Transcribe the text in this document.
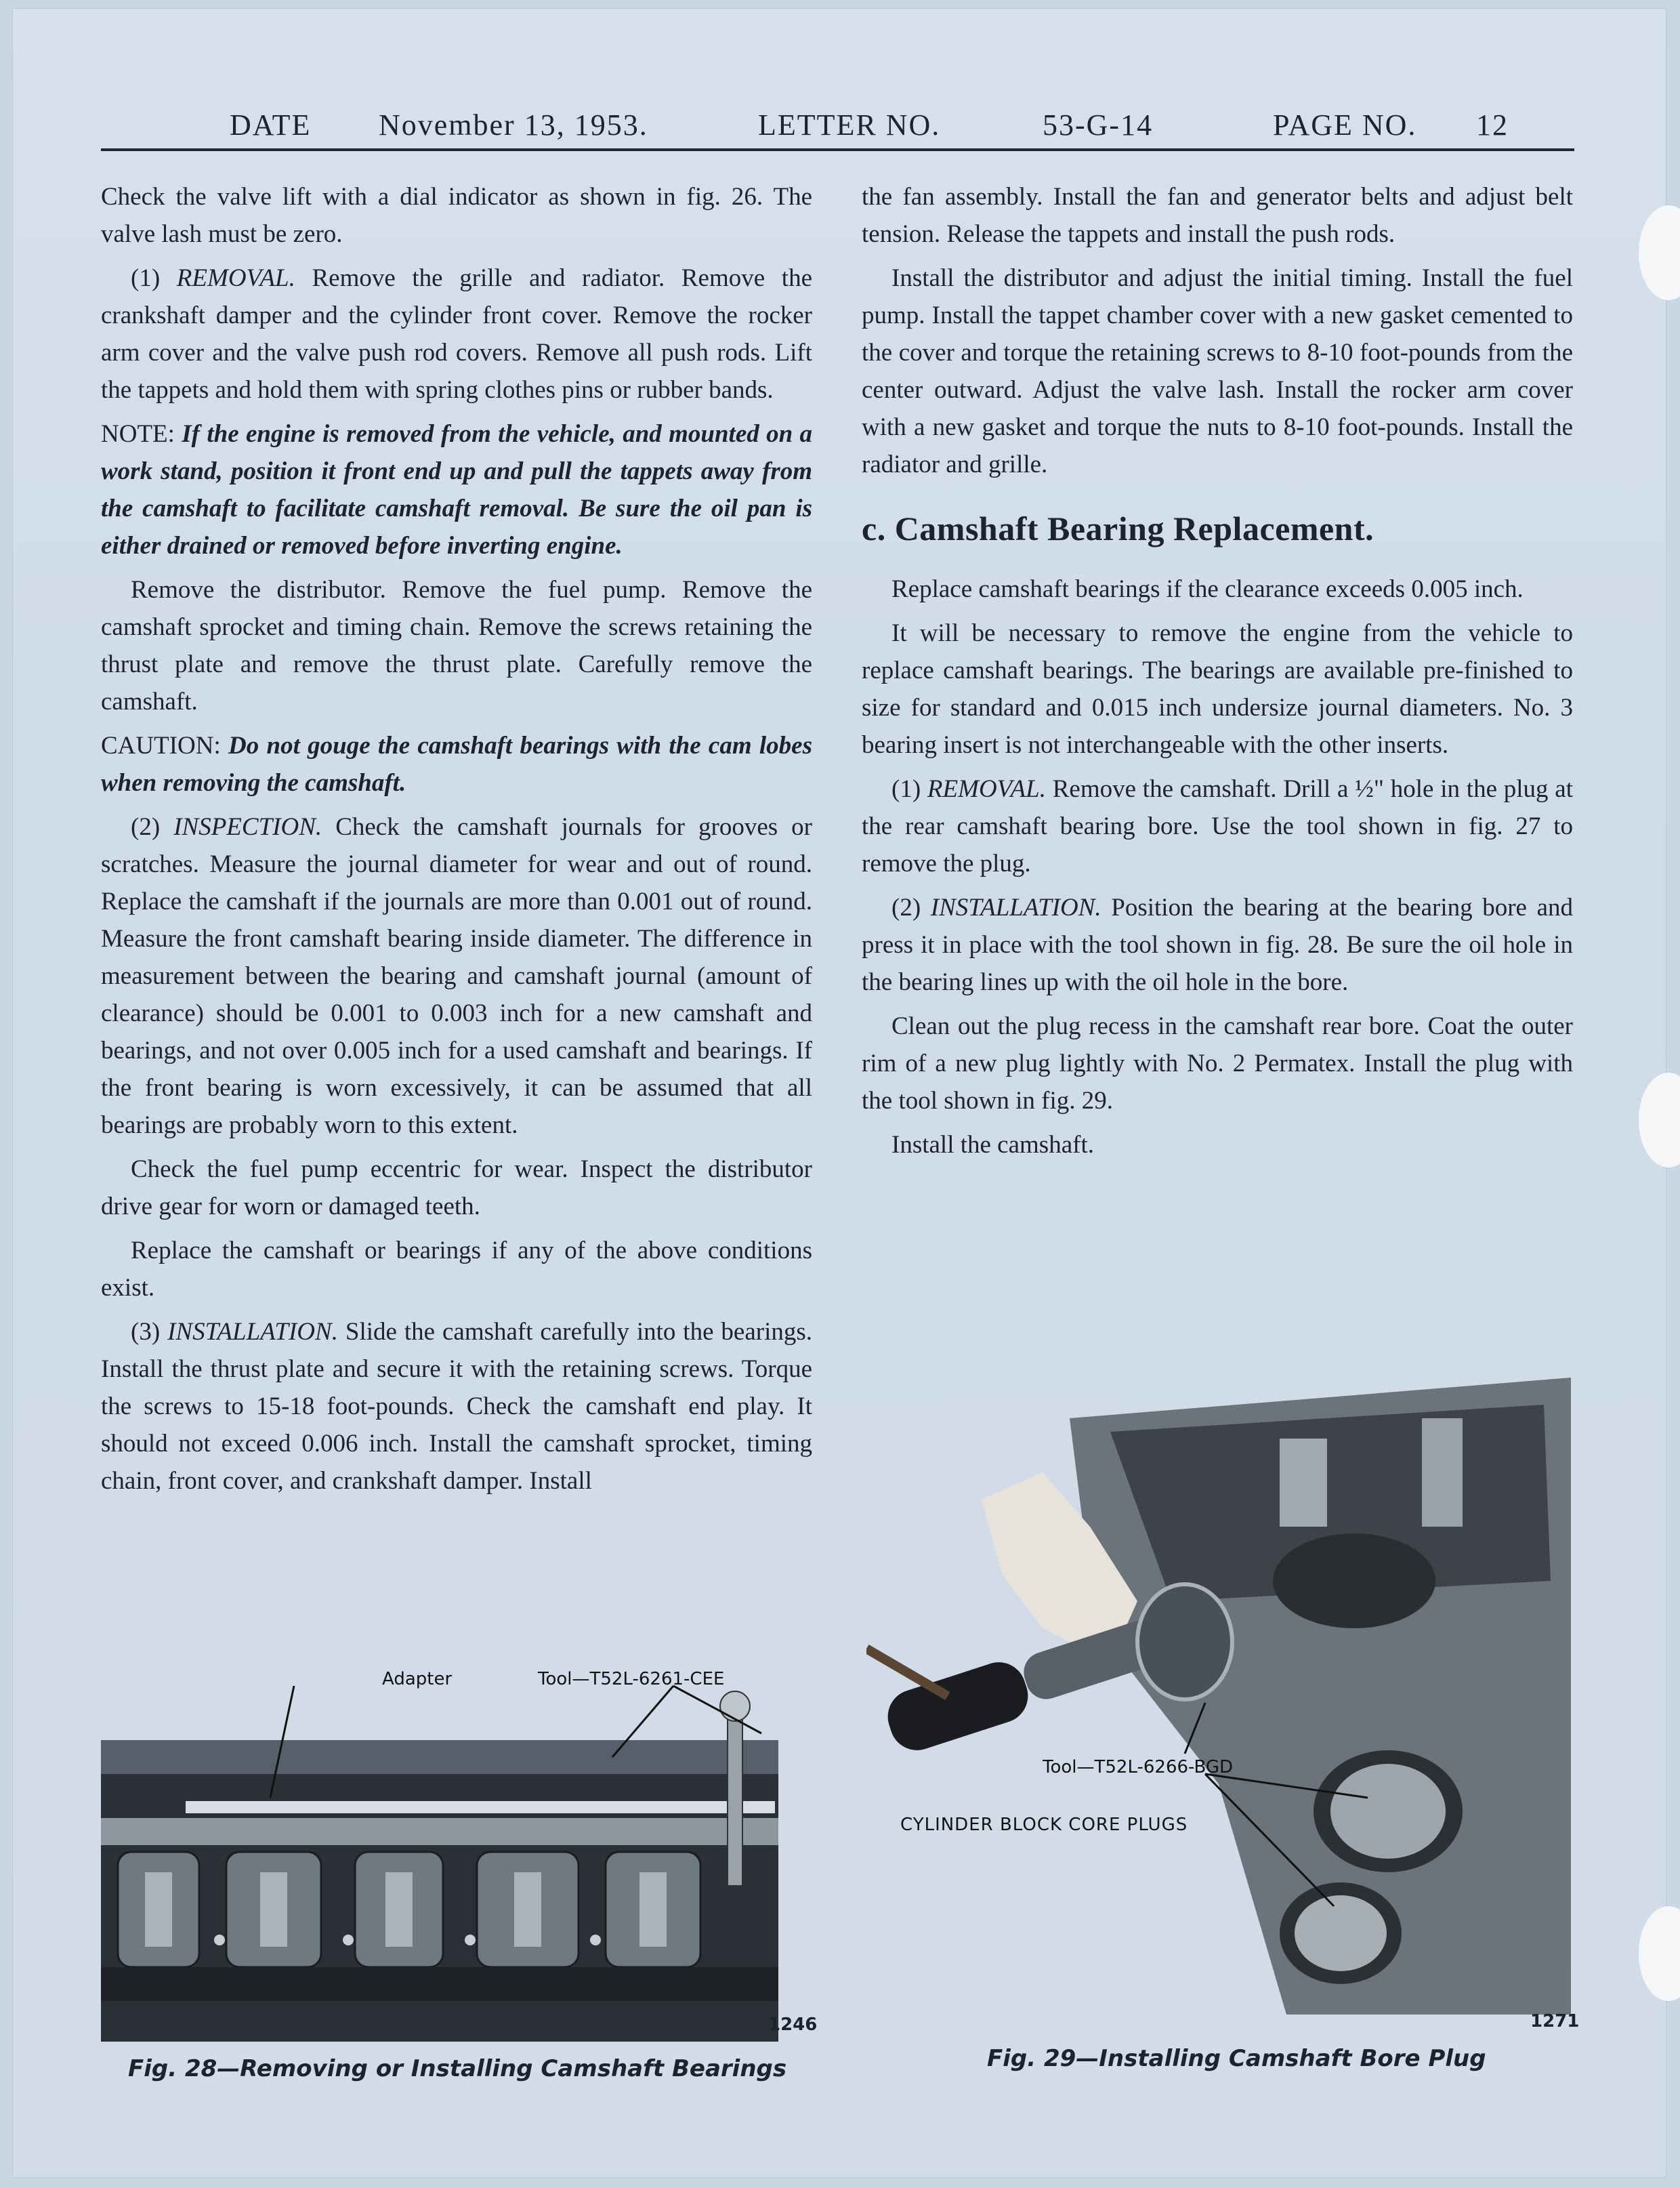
DATE November 13, 1953.	LETTER NO.	53-G-14	PAGE NO. 12

Check the valve lift with a dial indicator as shown in fig. 26. The valve lash must be zero.

(1) REMOVAL. Remove the grille and radiator. Remove the crankshaft damper and the cylinder front cover. Remove the rocker arm cover and the valve push rod covers. Remove all push rods. Lift the tappets and hold them with spring clothes pins or rubber bands.

NOTE: If the engine is removed from the vehicle, and mounted on a work stand, position it front end up and pull the tappets away from the camshaft to facilitate camshaft removal. Be sure the oil pan is either drained or removed before inverting engine.

Remove the distributor. Remove the fuel pump. Remove the camshaft sprocket and timing chain. Remove the screws retaining the thrust plate and remove the thrust plate. Carefully remove the camshaft.

CAUTION: Do not gouge the camshaft bearings with the cam lobes when removing the camshaft.

(2) INSPECTION. Check the camshaft journals for grooves or scratches. Measure the journal diameter for wear and out of round. Replace the camshaft if the journals are more than 0.001 out of round. Measure the front camshaft bearing inside diameter. The difference in measurement between the bearing and camshaft journal (amount of clearance) should be 0.001 to 0.003 inch for a new camshaft and bearings, and not over 0.005 inch for a used camshaft and bearings. If the front bearing is worn excessively, it can be assumed that all bearings are probably worn to this extent.

Check the fuel pump eccentric for wear. Inspect the distributor drive gear for worn or damaged teeth.

Replace the camshaft or bearings if any of the above conditions exist.

(3) INSTALLATION. Slide the camshaft carefully into the bearings. Install the thrust plate and secure it with the retaining screws. Torque the screws to 15-18 foot-pounds. Check the camshaft end play. It should not exceed 0.006 inch. Install the camshaft sprocket, timing chain, front cover, and crankshaft damper. Install

the fan assembly. Install the fan and generator belts and adjust belt tension. Release the tappets and install the push rods.

Install the distributor and adjust the initial timing. Install the fuel pump. Install the tappet chamber cover with a new gasket cemented to the cover and torque the retaining screws to 8-10 foot-pounds from the center outward. Adjust the valve lash. Install the rocker arm cover with a new gasket and torque the nuts to 8-10 foot-pounds. Install the radiator and grille.

c. Camshaft Bearing Replacement.

Replace camshaft bearings if the clearance exceeds 0.005 inch.

It will be necessary to remove the engine from the vehicle to replace camshaft bearings. The bearings are available pre-finished to size for standard and 0.015 inch undersize journal diameters. No. 3 bearing insert is not interchangeable with the other inserts.

(1) REMOVAL. Remove the camshaft. Drill a ½" hole in the plug at the rear camshaft bearing bore. Use the tool shown in fig. 27 to remove the plug.

(2) INSTALLATION. Position the bearing at the bearing bore and press it in place with the tool shown in fig. 28. Be sure the oil hole in the bearing lines up with the oil hole in the bore.

Clean out the plug recess in the camshaft rear bore. Coat the outer rim of a new plug lightly with No. 2 Permatex. Install the plug with the tool shown in fig. 29.

Install the camshaft.

Adapter	Tool—T52L-6261-CEE
1246
Fig. 28—Removing or Installing Camshaft Bearings
Tool—T52L-6266-BGD
CYLINDER BLOCK CORE PLUGS
1271
Fig. 29—Installing Camshaft Bore Plug
